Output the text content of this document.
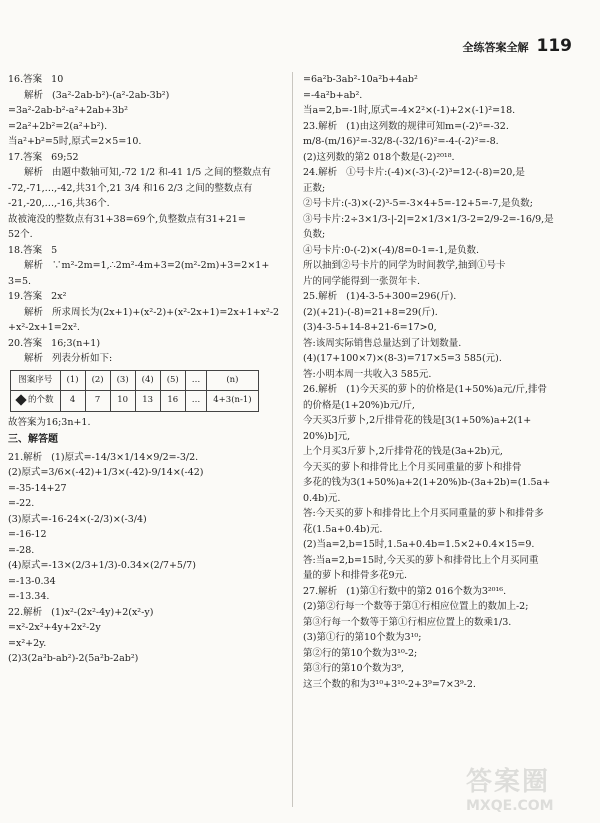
全练答案全解 119
16.答案   10
解析   (3a²-2ab-b²)-(a²-2ab-3b²)
=3a²-2ab-b²-a²+2ab+3b²
=2a²+2b²=2(a²+b²).
当a²+b²=5时,原式=2×5=10.
17.答案   69;52
解析   由题中数轴可知,-72 1/2 和-41 1/5 之间的整数点有
-72,-71,…,-42,共31个,21 3/4 和16 2/3 之间的整数点有
-21,-20,…,-16,共36个.
故被淹没的整数点有31+38=69个,负整数点有31+21=
52个.
18.答案   5
解析   ∵m²-2m=1,∴2m²-4m+3=2(m²-2m)+3=2×1+
3=5.
19.答案   2x²
解析   所求周长为(2x+1)+(x²-2)+(x²-2x+1)=2x+1+x²-2
+x²-2x+1=2x².
20.答案   16;3(n+1)
解析   列表分析如下:
图案序号	(1)	(2)	(3)	(4)	(5)	…	(n)
的个数	4	7	10	13	16	…	4+3(n-1)
故答案为16;3n+1.
三、解答题
21.解析   (1)原式=-14/3×1/14×9/2=-3/2.
(2)原式=3/6×(-42)+1/3×(-42)-9/14×(-42)
=-35-14+27
=-22.
(3)原式=-16-24×(-2/3)×(-3/4)
=-16-12
=-28.
(4)原式=-13×(2/3+1/3)-0.34×(2/7+5/7)
=-13-0.34
=-13.34.
22.解析   (1)x²-(2x²-4y)+2(x²-y)
=x²-2x²+4y+2x²-2y
=x²+2y.
(2)3(2a²b-ab²)-2(5a²b-2ab²)
=6a²b-3ab²-10a²b+4ab²
=-4a²b+ab².
当a=2,b=-1时,原式=-4×2²×(-1)+2×(-1)²=18.
23.解析   (1)由这列数的规律可知m=(-2)⁵=-32.
m/8-(m/16)²=-32/8-(-32/16)²=-4-(-2)²=-8.
(2)这列数的第2 018个数是(-2)²⁰¹⁸.
24.解析   ①号卡片:(-4)×(-3)-(-2)³=12-(-8)=20,是
正数;
②号卡片:(-3)×(-2)³-5=-3×4+5=-12+5=-7,是负数;
③号卡片:2÷3×1/3-|-2|=2×1/3×1/3-2=2/9-2=-16/9,是
负数;
④号卡片:0-(-2)×(-4)/8=0-1=-1,是负数.
所以抽到②号卡片的同学为时间教学,抽到①号卡
片的同学能得到一张贺年卡.
25.解析   (1)4-3-5+300=296(斤).
(2)(+21)-(-8)=21+8=29(斤).
(3)4-3-5+14-8+21-6=17>0,
答:该周实际销售总量达到了计划数量.
(4)(17+100×7)×(8-3)=717×5=3 585(元).
答:小明本周一共收入3 585元.
26.解析   (1)今天买的萝卜的价格是(1+50%)a元/斤,排骨
的价格是(1+20%)b元/斤,
今天买3斤萝卜,2斤排骨花的钱是[3(1+50%)a+2(1+
20%)b]元,
上个月买3斤萝卜,2斤排骨花的钱是(3a+2b)元,
今天买的萝卜和排骨比上个月买同重量的萝卜和排骨
多花的钱为3(1+50%)a+2(1+20%)b-(3a+2b)=(1.5a+
0.4b)元.
答:今天买的萝卜和排骨比上个月买同重量的萝卜和排骨多
花(1.5a+0.4b)元.
(2)当a=2,b=15时,1.5a+0.4b=1.5×2+0.4×15=9.
答:当a=2,b=15时,今天买的萝卜和排骨比上个月买同重
量的萝卜和排骨多花9元.
27.解析   (1)第①行数中的第2 016个数为3²⁰¹⁶.
(2)第②行每一个数等于第①行相应位置上的数加上-2;
第③行每一个数等于第①行相应位置上的数乘1/3.
(3)第①行的第10个数为3¹⁰;
第②行的第10个数为3¹⁰-2;
第③行的第10个数为3⁹,
这三个数的和为3¹⁰+3¹⁰-2+3⁹=7×3⁹-2.
答案圈
MXQE.COM
